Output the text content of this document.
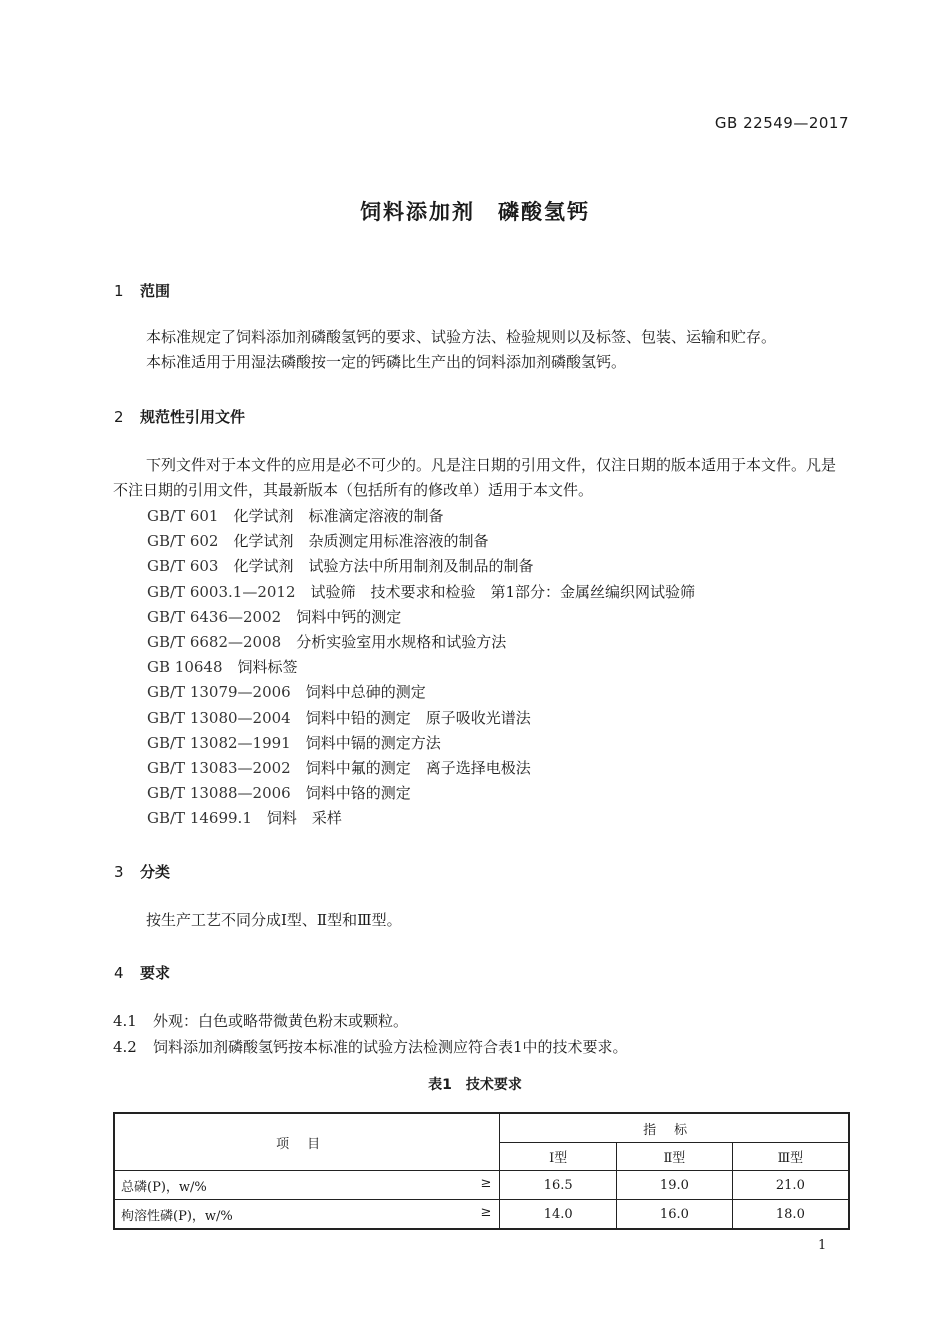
GB 22549—2017
饲料添加剂　磷酸氢钙
1 范围
本标准规定了饲料添加剂磷酸氢钙的要求、试验方法、检验规则以及标签、包装、运输和贮存。
本标准适用于用湿法磷酸按一定的钙磷比生产出的饲料添加剂磷酸氢钙。
2 规范性引用文件
下列文件对于本文件的应用是必不可少的。凡是注日期的引用文件，仅注日期的版本适用于本文件。凡是不注日期的引用文件，其最新版本（包括所有的修改单）适用于本文件。
GB/T 601　 化学试剂　标准滴定溶液的制备
GB/T 602　 化学试剂　杂质测定用标准溶液的制备
GB/T 603　 化学试剂　试验方法中所用制剂及制品的制备
GB/T 6003.1—2012　 试验筛　技术要求和检验　第1部分：金属丝编织网试验筛
GB/T 6436—2002　 饲料中钙的测定
GB/T 6682—2008　 分析实验室用水规格和试验方法
GB 10648　 饲料标签
GB/T 13079—2006　 饲料中总砷的测定
GB/T 13080—2004　 饲料中铅的测定　原子吸收光谱法
GB/T 13082—1991　 饲料中镉的测定方法
GB/T 13083—2002　 饲料中氟的测定　离子选择电极法
GB/T 13088—2006　 饲料中铬的测定
GB/T 14699.1　 饲料　采样
3 分类
按生产工艺不同分成Ⅰ型、Ⅱ型和Ⅲ型。
4 要求
4.1 外观：白色或略带微黄色粉末或颗粒。
4.2 饲料添加剂磷酸氢钙按本标准的试验方法检测应符合表1中的技术要求。
表1　技术要求
项目	指标		
	Ⅰ型	Ⅱ型	Ⅲ型
总磷(P)，w/% ≥	16.5	19.0	21.0
枸溶性磷(P)，w/% ≥	14.0	16.0	18.0
1
